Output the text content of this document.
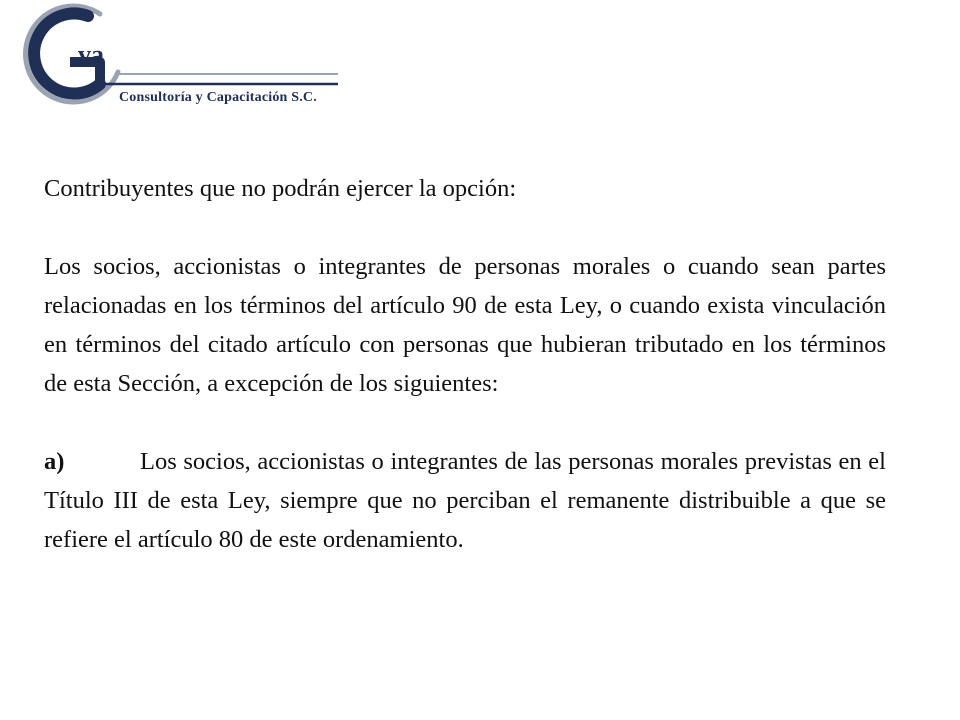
va
Consultoría y Capacitación S.C.

Contribuyentes que no podrán ejercer la opción:

Los socios, accionistas o integrantes de personas morales o cuando sean partes relacionadas en los términos del artículo 90 de esta Ley, o cuando exista vinculación en términos del citado artículo con personas que hubieran tributado en los términos de esta Sección, a excepción de los siguientes:

a)	Los socios, accionistas o integrantes de las personas morales previstas en el Título III de esta Ley, siempre que no perciban el remanente distribuible a que se refiere el artículo 80 de este ordenamiento.
